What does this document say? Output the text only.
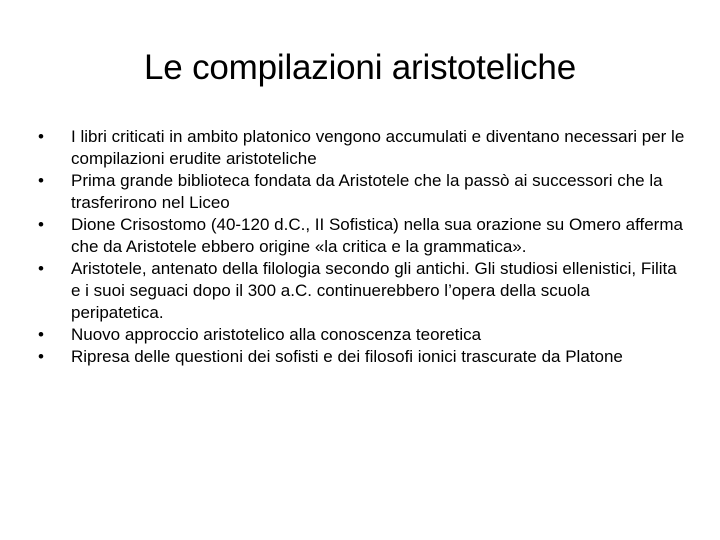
Le compilazioni aristoteliche
•	I libri criticati in ambito platonico vengono accumulati e diventano necessari per le compilazioni erudite aristoteliche
•	Prima grande biblioteca fondata da Aristotele che la passò ai successori che la trasferirono nel Liceo
•	Dione Crisostomo (40-120 d.C., II Sofistica) nella sua orazione su Omero afferma che da Aristotele ebbero origine «la critica e la grammatica».
•	Aristotele, antenato della filologia secondo gli antichi. Gli studiosi ellenistici, Filita e i suoi seguaci dopo il 300 a.C. continuerebbero l’opera della scuola peripatetica.
•	Nuovo approccio aristotelico alla conoscenza teoretica
•	Ripresa delle questioni dei sofisti e dei filosofi ionici trascurate da Platone
